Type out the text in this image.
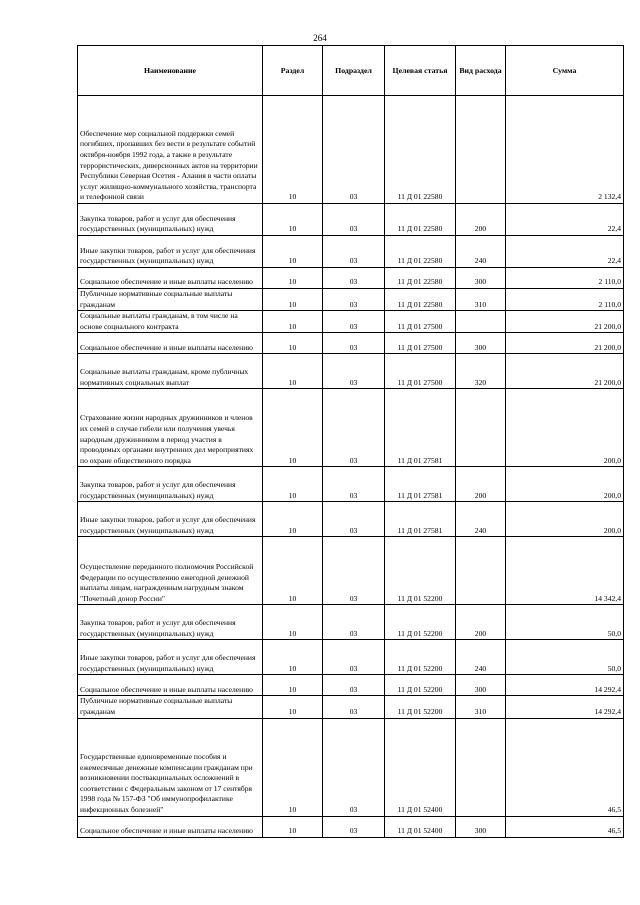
264
Наименование	Раздел	Подраздел	Целевая статья	Вид расхода	Сумма
Обеспечение мер социальной поддержки семей погибших, пропавших без вести в результате событий октября-ноября 1992 года, а также в результате террористических, диверсионных актов на территории Республики Северная Осетия - Алания в части оплаты услуг жилищно-коммунального хозяйства, транспорта и телефонной связи	10	03	11 Д 01 22580		2 132,4
Закупка товаров, работ и услуг для обеспечения государственных (муниципальных) нужд	10	03	11 Д 01 22580	200	22,4
Иные закупки товаров, работ и услуг для обеспечения государственных (муниципальных) нужд	10	03	11 Д 01 22580	240	22,4
Социальное обеспечение и иные выплаты населению	10	03	11 Д 01 22580	300	2 110,0
Публичные нормативные социальные выплаты гражданам	10	03	11 Д 01 22580	310	2 110,0
Социальные выплаты гражданам, в том числе на основе социального контракта	10	03	11 Д 01 27500		21 200,0
Социальное обеспечение и иные выплаты населению	10	03	11 Д 01 27500	300	21 200,0
Социальные выплаты гражданам, кроме публичных нормативных социальных выплат	10	03	11 Д 01 27500	320	21 200,0
Страхование жизни народных дружинников и членов их семей в случае гибели или получения увечья народным дружинником в период участия в проводимых органами внутренних дел мероприятиях по охране общественного порядка	10	03	11 Д 01 27581		200,0
Закупка товаров, работ и услуг для обеспечения государственных (муниципальных) нужд	10	03	11 Д 01 27581	200	200,0
Иные закупки товаров, работ и услуг для обеспечения государственных (муниципальных) нужд	10	03	11 Д 01 27581	240	200,0
Осуществление переданного полномочия Российской Федерации по осуществлению ежегодной денежной выплаты лицам, награжденным нагрудным знаком "Почетный донор России"	10	03	11 Д 01 52200		14 342,4
Закупка товаров, работ и услуг для обеспечения государственных (муниципальных) нужд	10	03	11 Д 01 52200	200	50,0
Иные закупки товаров, работ и услуг для обеспечения государственных (муниципальных) нужд	10	03	11 Д 01 52200	240	50,0
Социальное обеспечение и иные выплаты населению	10	03	11 Д 01 52200	300	14 292,4
Публичные нормативные социальные выплаты гражданам	10	03	11 Д 01 52200	310	14 292,4
Государственные единовременные пособия и ежемесячные денежные компенсации гражданам при возникновении поствакцинальных осложнений в соответствии с Федеральным законом от 17 сентября 1998 года № 157-ФЗ "Об иммунопрофилактике инфекционных болезней"	10	03	11 Д 01 52400		46,5
Социальное обеспечение и иные выплаты населению	10	03	11 Д 01 52400	300	46,5
